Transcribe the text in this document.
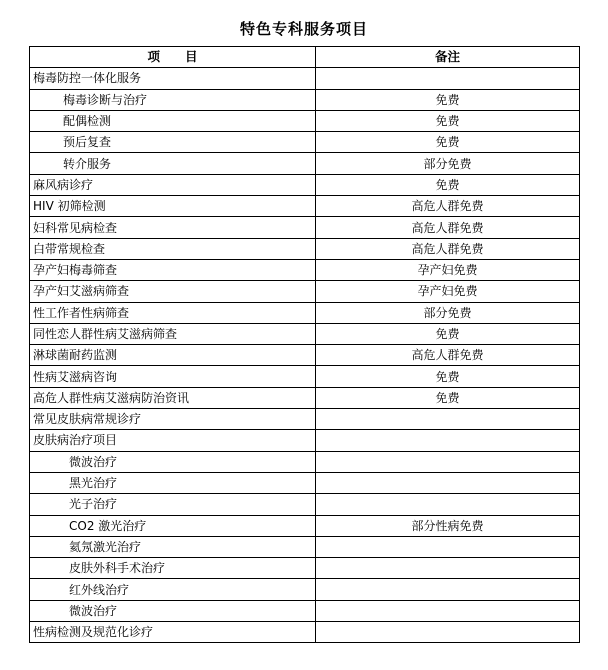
特色专科服务项目
项　　目	备注
梅毒防控一体化服务	
梅毒诊断与治疗	免费
配偶检测	免费
预后复查	免费
转介服务	部分免费
麻风病诊疗	免费
HIV 初筛检测	高危人群免费
妇科常见病检查	高危人群免费
白带常规检查	高危人群免费
孕产妇梅毒筛查	孕产妇免费
孕产妇艾滋病筛查	孕产妇免费
性工作者性病筛查	部分免费
同性恋人群性病艾滋病筛查	免费
淋球菌耐药监测	高危人群免费
性病艾滋病咨询	免费
高危人群性病艾滋病防治资讯	免费
常见皮肤病常规诊疗	
皮肤病治疗项目	
微波治疗	
黑光治疗	
光子治疗	
CO2 激光治疗	部分性病免费
氦氖激光治疗	
皮肤外科手术治疗	
红外线治疗	
微波治疗	
性病检测及规范化诊疗	
